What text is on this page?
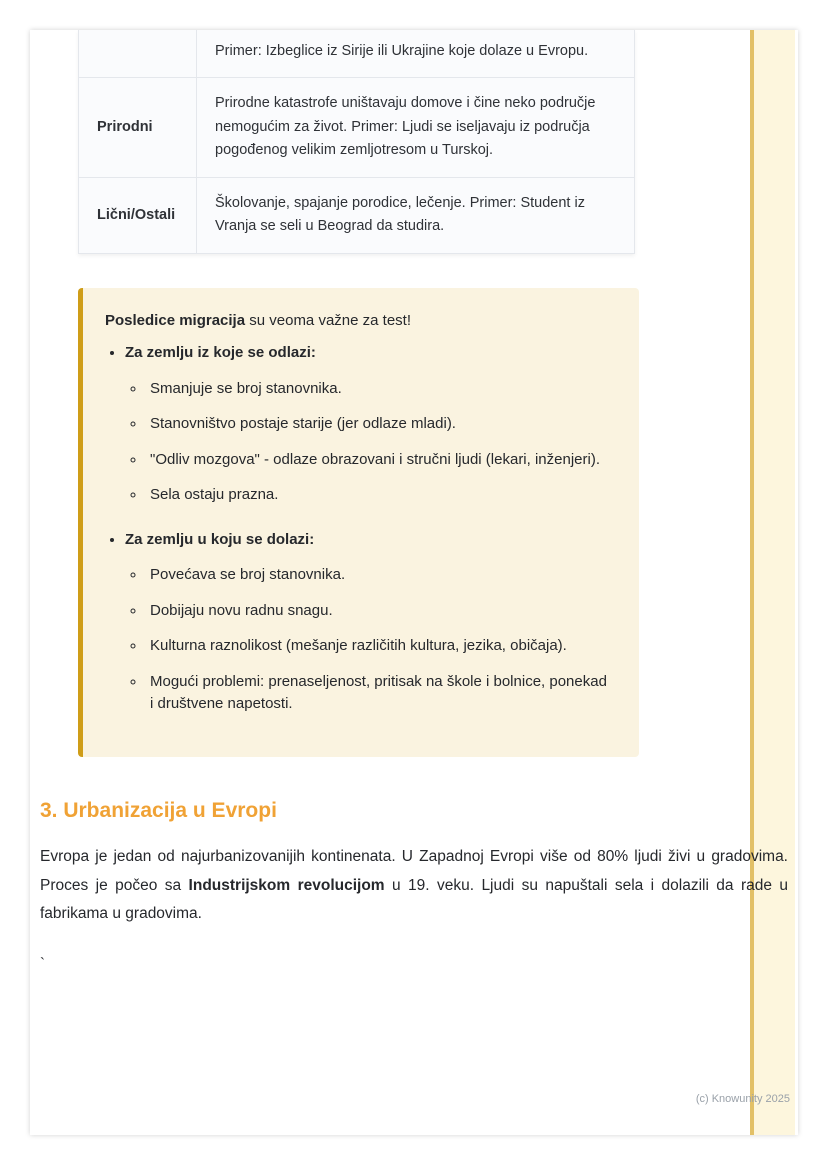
	Primer: Izbeglice iz Sirije ili Ukrajine koje dolaze u Evropu.
Prirodni	Prirodne katastrofe uništavaju domove i čine neko područje nemogućim za život. Primer: Ljudi se iseljavaju iz područja pogođenog velikim zemljotresom u Turskoj.
Lični/Ostali	Školovanje, spajanje porodice, lečenje. Primer: Student iz Vranja se seli u Beograd da studira.
Posledice migracija su veoma važne za test!
• Za zemlju iz koje se odlazi:
◦ Smanjuje se broj stanovnika.
◦ Stanovništvo postaje starije (jer odlaze mladi).
◦ "Odliv mozgova" - odlaze obrazovani i stručni ljudi (lekari, inženjeri).
◦ Sela ostaju prazna.
• Za zemlju u koju se dolazi:
◦ Povećava se broj stanovnika.
◦ Dobijaju novu radnu snagu.
◦ Kulturna raznolikost (mešanje različitih kultura, jezika, običaja).
◦ Mogući problemi: prenaseljenost, pritisak na škole i bolnice, ponekad i društvene napetosti.
3. Urbanizacija u Evropi

Evropa je jedan od najurbanizovanijih kontinenata. U Zapadnoj Evropi više od 80% ljudi živi u gradovima. Proces je počeo sa Industrijskom revolucijom u 19. veku. Ljudi su napuštali sela i dolazili da rade u fabrikama u gradovima.

`

(c) Knowunity 2025
